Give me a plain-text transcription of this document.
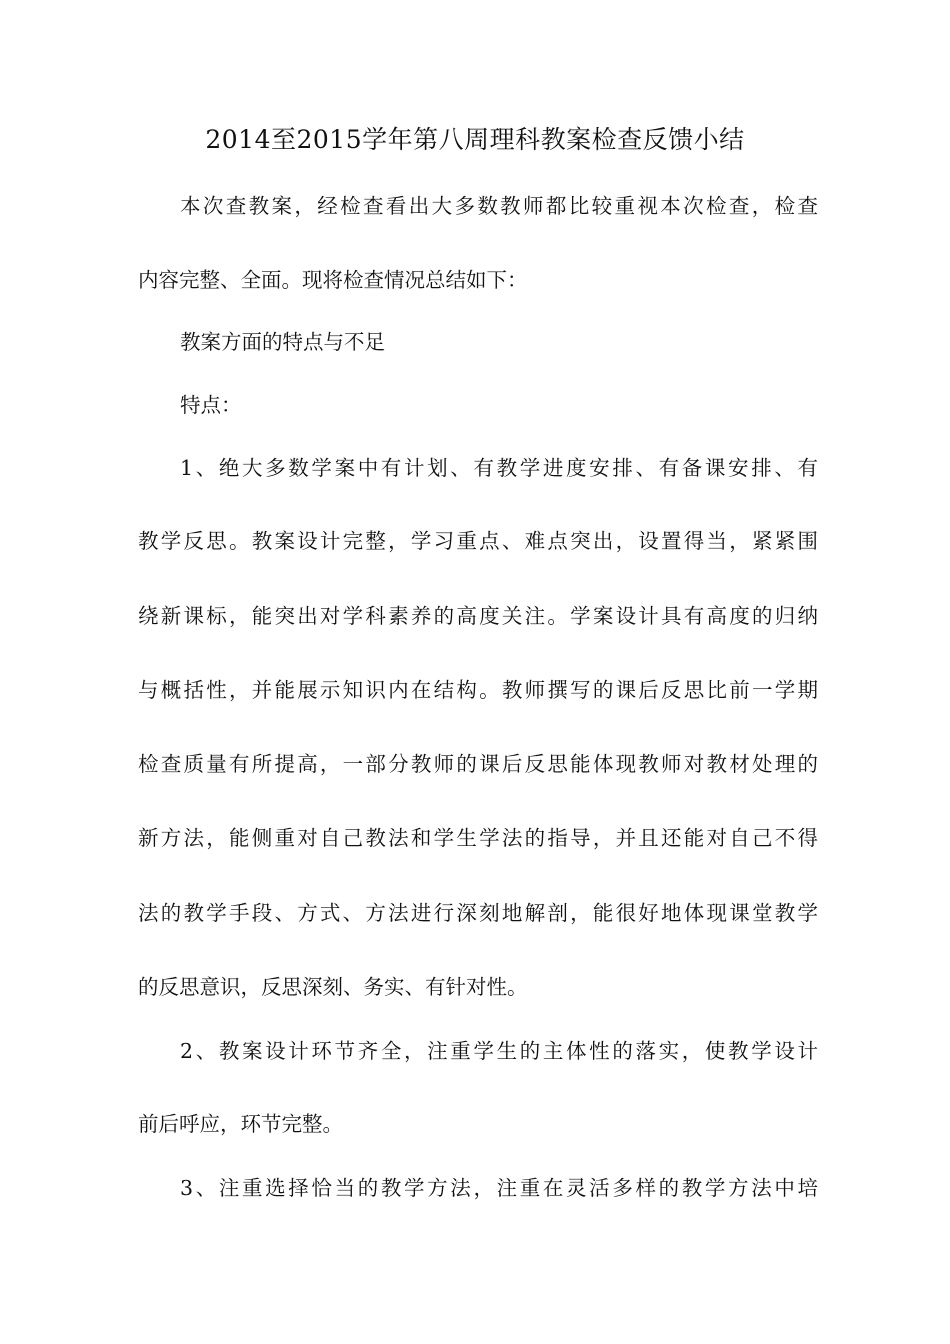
2014至2015学年第八周理科教案检查反馈小结
本次查教案，经检查看出大多数教师都比较重视本次检查，检查
内容完整、全面。现将检查情况总结如下：
教案方面的特点与不足
特点：
1、绝大多数学案中有计划、有教学进度安排、有备课安排、有
教学反思。教案设计完整，学习重点、难点突出，设置得当，紧紧围
绕新课标，能突出对学科素养的高度关注。学案设计具有高度的归纳
与概括性，并能展示知识内在结构。教师撰写的课后反思比前一学期
检查质量有所提高，一部分教师的课后反思能体现教师对教材处理的
新方法，能侧重对自己教法和学生学法的指导，并且还能对自己不得
法的教学手段、方式、方法进行深刻地解剖，能很好地体现课堂教学
的反思意识，反思深刻、务实、有针对性。
2、教案设计环节齐全，注重学生的主体性的落实，使教学设计
前后呼应，环节完整。
3、注重选择恰当的教学方法，注重在灵活多样的教学方法中培
